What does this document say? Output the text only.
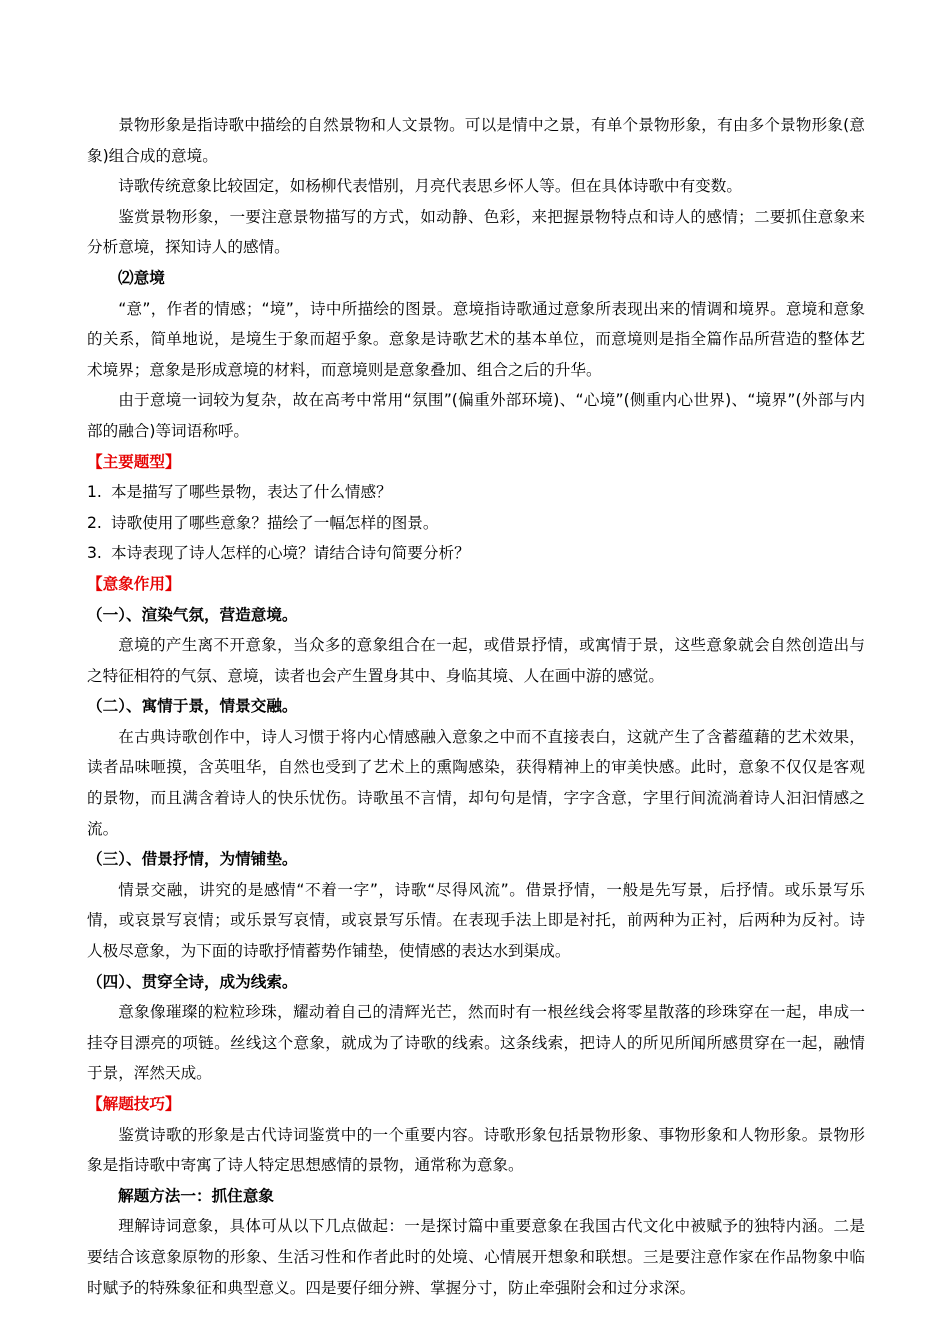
景物形象是指诗歌中描绘的自然景物和人文景物。可以是情中之景，有单个景物形象，有由多个景物形象(意象)组合成的意境。

诗歌传统意象比较固定，如杨柳代表惜别，月亮代表思乡怀人等。但在具体诗歌中有变数。

鉴赏景物形象，一要注意景物描写的方式，如动静、色彩，来把握景物特点和诗人的感情；二要抓住意象来分析意境，探知诗人的感情。

⑵意境

“意”，作者的情感；“境”，诗中所描绘的图景。意境指诗歌通过意象所表现出来的情调和境界。意境和意象的关系，简单地说，是境生于象而超乎象。意象是诗歌艺术的基本单位，而意境则是指全篇作品所营造的整体艺术境界；意象是形成意境的材料，而意境则是意象叠加、组合之后的升华。

由于意境一词较为复杂，故在高考中常用“氛围”(偏重外部环境)、“心境”(侧重内心世界)、“境界”(外部与内部的融合)等词语称呼。

【主要题型】

1. 本是描写了哪些景物，表达了什么情感？

2. 诗歌使用了哪些意象？描绘了一幅怎样的图景。

3. 本诗表现了诗人怎样的心境？请结合诗句简要分析？

【意象作用】

（一）、渲染气氛，营造意境。

意境的产生离不开意象，当众多的意象组合在一起，或借景抒情，或寓情于景，这些意象就会自然创造出与之特征相符的气氛、意境，读者也会产生置身其中、身临其境、人在画中游的感觉。

（二）、寓情于景，情景交融。

在古典诗歌创作中，诗人习惯于将内心情感融入意象之中而不直接表白，这就产生了含蓄蕴藉的艺术效果，读者品味咂摸，含英咀华，自然也受到了艺术上的熏陶感染，获得精神上的审美快感。此时，意象不仅仅是客观的景物，而且满含着诗人的快乐忧伤。诗歌虽不言情，却句句是情，字字含意，字里行间流淌着诗人汩汩情感之流。

（三）、借景抒情，为情铺垫。

情景交融，讲究的是感情“不着一字”，诗歌“尽得风流”。借景抒情，一般是先写景，后抒情。或乐景写乐情，或哀景写哀情；或乐景写哀情，或哀景写乐情。在表现手法上即是衬托，前两种为正衬，后两种为反衬。诗人极尽意象，为下面的诗歌抒情蓄势作铺垫，使情感的表达水到渠成。

（四）、贯穿全诗，成为线索。

意象像璀璨的粒粒珍珠，耀动着自己的清辉光芒，然而时有一根丝线会将零星散落的珍珠穿在一起，串成一挂夺目漂亮的项链。丝线这个意象，就成为了诗歌的线索。这条线索，把诗人的所见所闻所感贯穿在一起，融情于景，浑然天成。

【解题技巧】

鉴赏诗歌的形象是古代诗词鉴赏中的一个重要内容。诗歌形象包括景物形象、事物形象和人物形象。景物形象是指诗歌中寄寓了诗人特定思想感情的景物，通常称为意象。

解题方法一：抓住意象

理解诗词意象，具体可从以下几点做起：一是探讨篇中重要意象在我国古代文化中被赋予的独特内涵。二是要结合该意象原物的形象、生活习性和作者此时的处境、心情展开想象和联想。三是要注意作家在作品物象中临时赋予的特殊象征和典型意义。四是要仔细分辨、掌握分寸，防止牵强附会和过分求深。
